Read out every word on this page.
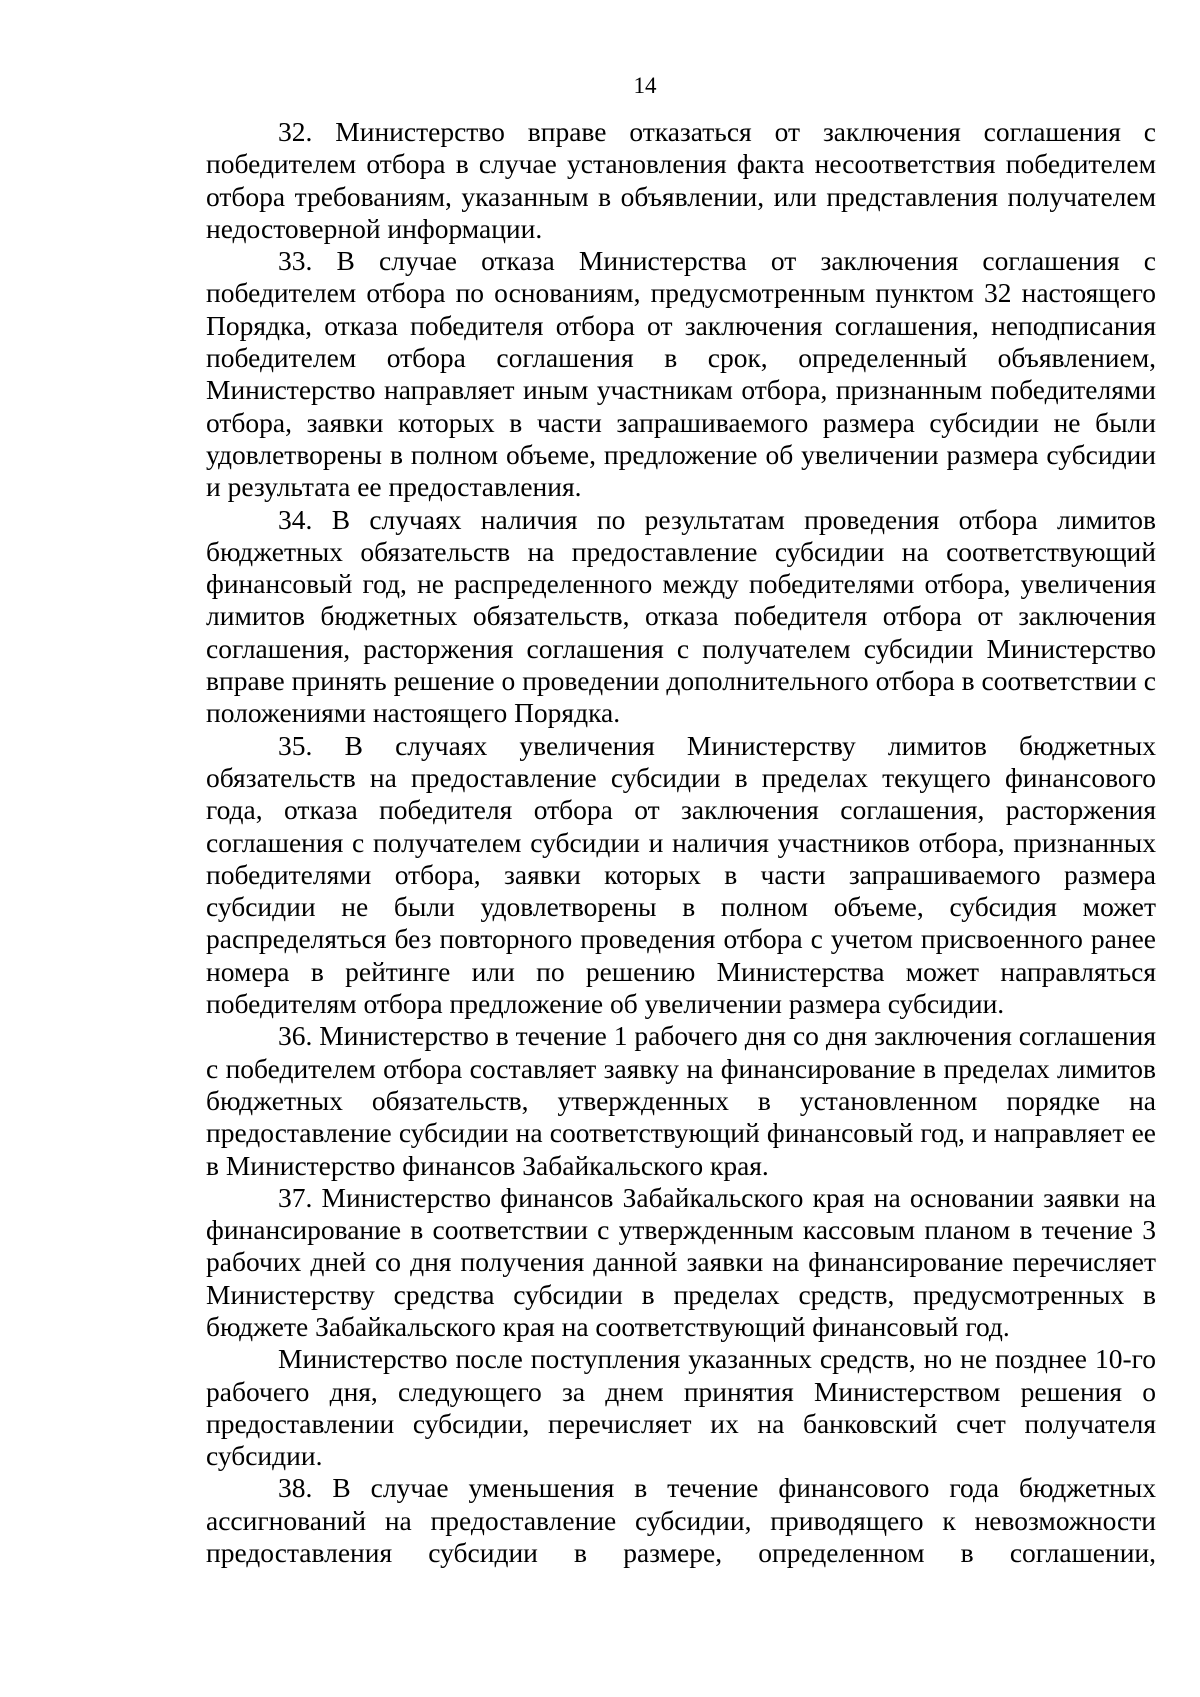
14

32. Министерство вправе отказаться от заключения соглашения с победителем отбора в случае установления факта несоответствия победителем отбора требованиям, указанным в объявлении, или представления получателем недостоверной информации.

33. В случае отказа Министерства от заключения соглашения с победителем отбора по основаниям, предусмотренным пунктом 32 настоящего Порядка, отказа победителя отбора от заключения соглашения, неподписания победителем отбора соглашения в срок, определенный объявлением, Министерство направляет иным участникам отбора, признанным победителями отбора, заявки которых в части запрашиваемого размера субсидии не были удовлетворены в полном объеме, предложение об увеличении размера субсидии и результата ее предоставления.

34. В случаях наличия по результатам проведения отбора лимитов бюджетных обязательств на предоставление субсидии на соответствующий финансовый год, не распределенного между победителями отбора, увеличения лимитов бюджетных обязательств, отказа победителя отбора от заключения соглашения, расторжения соглашения с получателем субсидии Министерство вправе принять решение о проведении дополнительного отбора в соответствии с положениями настоящего Порядка.

35. В случаях увеличения Министерству лимитов бюджетных обязательств на предоставление субсидии в пределах текущего финансового года, отказа победителя отбора от заключения соглашения, расторжения соглашения с получателем субсидии и наличия участников отбора, признанных победителями отбора, заявки которых в части запрашиваемого размера субсидии не были удовлетворены в полном объеме, субсидия может распределяться без повторного проведения отбора с учетом присвоенного ранее номера в рейтинге или по решению Министерства может направляться победителям отбора предложение об увеличении размера субсидии.

36. Министерство в течение 1 рабочего дня со дня заключения соглашения с победителем отбора составляет заявку на финансирование в пределах лимитов бюджетных обязательств, утвержденных в установленном порядке на предоставление субсидии на соответствующий финансовый год, и направляет ее в Министерство финансов Забайкальского края.

37. Министерство финансов Забайкальского края на основании заявки на финансирование в соответствии с утвержденным кассовым планом в течение 3 рабочих дней со дня получения данной заявки на финансирование перечисляет Министерству средства субсидии в пределах средств, предусмотренных в бюджете Забайкальского края на соответствующий финансовый год.

Министерство после поступления указанных средств, но не позднее 10-го рабочего дня, следующего за днем принятия Министерством решения о предоставлении субсидии, перечисляет их на банковский счет получателя субсидии.

38. В случае уменьшения в течение финансового года бюджетных ассигнований на предоставление субсидии, приводящего к невозможности предоставления субсидии в размере, определенном в соглашении,
